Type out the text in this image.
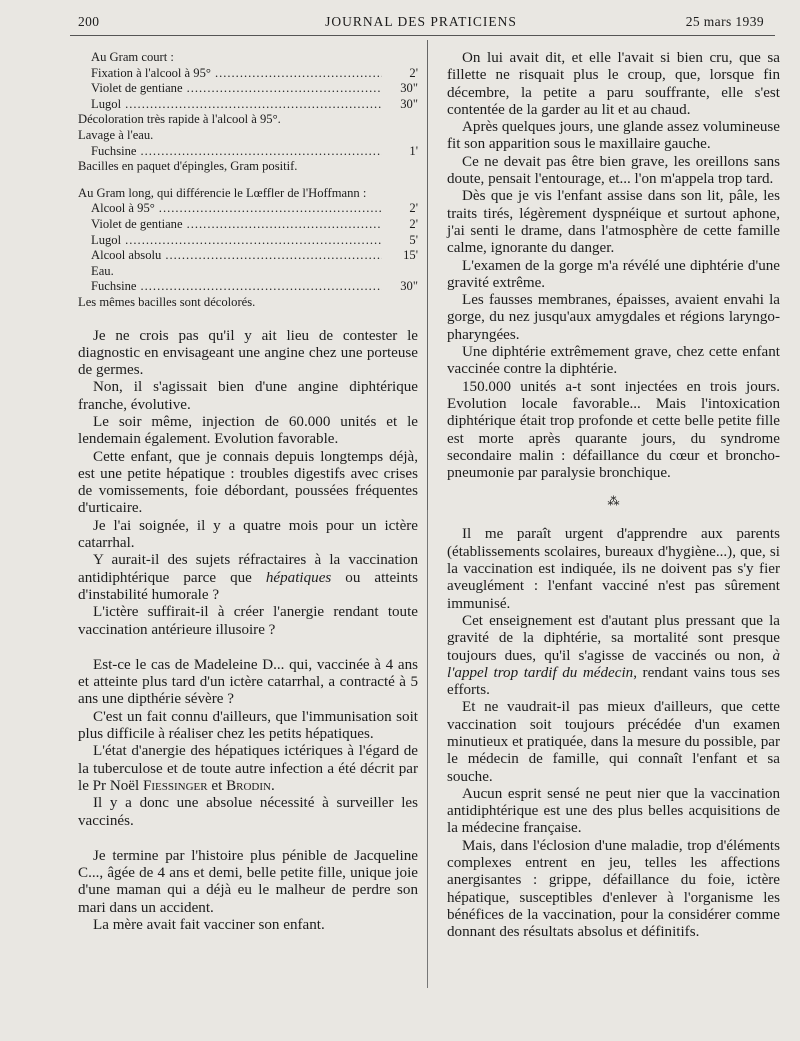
200	JOURNAL DES PRATICIENS	25 mars 1939

Au Gram court :

Fixation à l'alcool à 95° .....	2'
Violet de gentiane .....	30"
Lugol .....	30"

Décoloration très rapide à l'alcool à 95°.

Lavage à l'eau.

Fuchsine .....	1'

Bacilles en paquet d'épingles, Gram positif.

Au Gram long, qui différencie le Lœffler de l'Hoffmann :

Alcool à 95° .....	2'
Violet de gentiane .....	2'
Lugol .....	5'
Alcool absolu .....	15'

Eau.

Fuchsine .....	30"

Les mêmes bacilles sont décolorés.

Je ne crois pas qu'il y ait lieu de contester le diagnostic en envisageant une angine chez une porteuse de germes.

Non, il s'agissait bien d'une angine diphtérique franche, évolutive.

Le soir même, injection de 60.000 unités et le lendemain également. Evolution favorable.

Cette enfant, que je connais depuis longtemps déjà, est une petite hépatique : troubles digestifs avec crises de vomissements, foie débordant, poussées fréquentes d'urticaire.

Je l'ai soignée, il y a quatre mois pour un ictère catarrhal.

Y aurait-il des sujets réfractaires à la vaccination antidiphtérique parce que hépatiques ou atteints d'instabilité humorale ?

L'ictère suffirait-il à créer l'anergie rendant toute vaccination antérieure illusoire ?

Est-ce le cas de Madeleine D... qui, vaccinée à 4 ans et atteinte plus tard d'un ictère catarrhal, a contracté à 5 ans une dipthérie sévère ?

C'est un fait connu d'ailleurs, que l'immunisation soit plus difficile à réaliser chez les petits hépatiques.

L'état d'anergie des hépatiques ictériques à l'égard de la tuberculose et de toute autre infection a été décrit par le Pr Noël Fiessinger et Brodin.

Il y a donc une absolue nécessité à surveiller les vaccinés.

Je termine par l'histoire plus pénible de Jacqueline C..., âgée de 4 ans et demi, belle petite fille, unique joie d'une maman qui a déjà eu le malheur de perdre son mari dans un accident.

La mère avait fait vacciner son enfant.

On lui avait dit, et elle l'avait si bien cru, que sa fillette ne risquait plus le croup, que, lorsque fin décembre, la petite a paru souffrante, elle s'est contentée de la garder au lit et au chaud.

Après quelques jours, une glande assez volumineuse fit son apparition sous le maxillaire gauche.

Ce ne devait pas être bien grave, les oreillons sans doute, pensait l'entourage, et... l'on m'appela trop tard.

Dès que je vis l'enfant assise dans son lit, pâle, les traits tirés, légèrement dyspnéique et surtout aphone, j'ai senti le drame, dans l'atmosphère de cette famille calme, ignorante du danger.

L'examen de la gorge m'a révélé une diphtérie d'une gravité extrême.

Les fausses membranes, épaisses, avaient envahi la gorge, du nez jusqu'aux amygdales et régions laryngo-pharyngées.

Une diphtérie extrêmement grave, chez cette enfant vaccinée contre la diphtérie.

150.000 unités a-t sont injectées en trois jours. Evolution locale favorable... Mais l'intoxication diphtérique était trop profonde et cette belle petite fille est morte après quarante jours, du syndrome secondaire malin : défaillance du cœur et broncho-pneumonie par paralysie bronchique.

⁂

Il me paraît urgent d'apprendre aux parents (établissements scolaires, bureaux d'hygiène...), que, si la vaccination est indiquée, ils ne doivent pas s'y fier aveuglément : l'enfant vacciné n'est pas sûrement immunisé.

Cet enseignement est d'autant plus pressant que la gravité de la diphtérie, sa mortalité sont presque toujours dues, qu'il s'agisse de vaccinés ou non, à l'appel trop tardif du médecin, rendant vains tous ses efforts.

Et ne vaudrait-il pas mieux d'ailleurs, que cette vaccination soit toujours précédée d'un examen minutieux et pratiquée, dans la mesure du possible, par le médecin de famille, qui connaît l'enfant et sa souche.

Aucun esprit sensé ne peut nier que la vaccination antidiphtérique est une des plus belles acquisitions de la médecine française.

Mais, dans l'éclosion d'une maladie, trop d'éléments complexes entrent en jeu, telles les affections anergisantes : grippe, défaillance du foie, ictère hépatique, susceptibles d'enlever à l'organisme les bénéfices de la vaccination, pour la considérer comme donnant des résultats absolus et définitifs.
